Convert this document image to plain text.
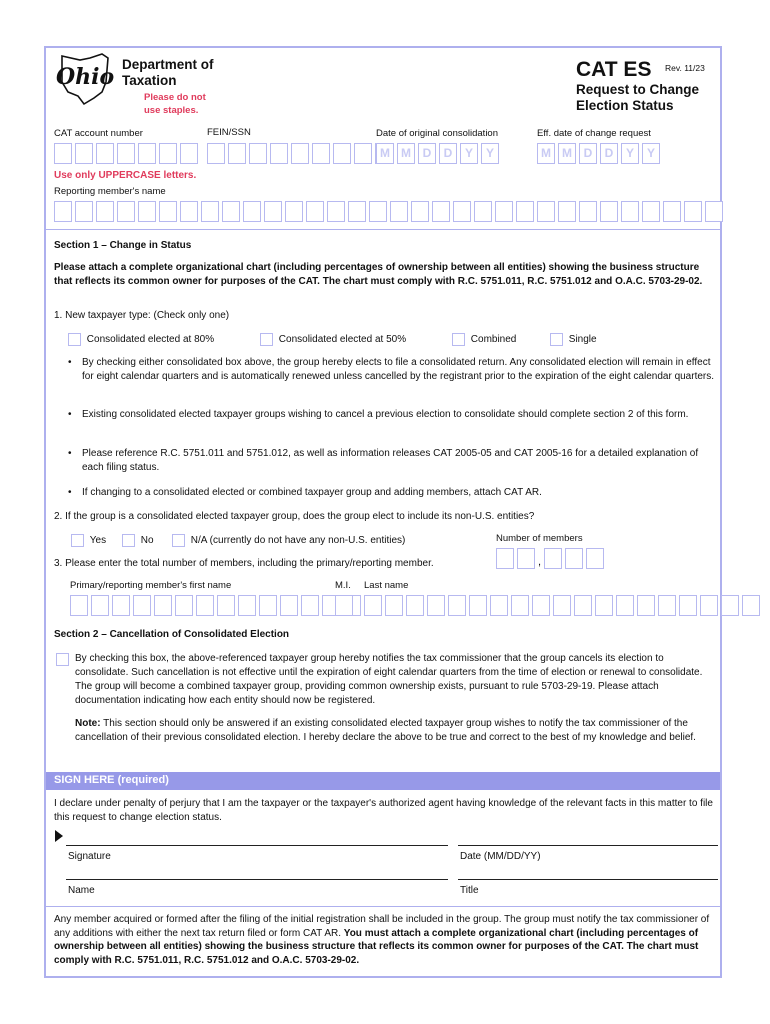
Ohio Department of
Taxation
Please do not
use staples.
CAT ES Rev. 11/23
Request to Change
Election Status
CAT account number	FEIN/SSN	Date of original consolidation	Eff. date of change request
M M D	D	Y	Y	M M D	D	Y	Y
Use only UPPERCASE letters.
Reporting member's name
Section 1 – Change in Status
Please attach a complete organizational chart (including percentages of ownership between all entities) showing the business structure that reflects its common owner for purposes of the CAT. The chart must comply with R.C. 5751.011, R.C. 5751.012 and O.A.C. 5703-29-02.
1. New taxpayer type: (Check only one)
Consolidated elected at 80%	Consolidated elected at 50%	Combined	Single
• By checking either consolidated box above, the group hereby elects to file a consolidated return. Any consolidated election will remain in effect for eight calendar quarters and is automatically renewed unless cancelled by the registrant prior to the expiration of the eight calendar quarters.
• Existing consolidated elected taxpayer groups wishing to cancel a previous election to consolidate should complete section 2 of this form.
• Please reference R.C. 5751.011 and 5751.012, as well as information releases CAT 2005-05 and CAT 2005-16 for a detailed explanation of each filing status.
• If changing to a consolidated elected or combined taxpayer group and adding members, attach CAT AR.
2. If the group is a consolidated elected taxpayer group, does the group elect to include its non-U.S. entities?
Yes	No	N/A (currently do not have any non-U.S. entities)	Number of members
,
3. Please enter the total number of members, including the primary/reporting member.
Primary/reporting member's first name	M.I. Last name
Section 2 – Cancellation of Consolidated Election
By checking this box, the above-referenced taxpayer group hereby notifies the tax commissioner that the group cancels its election to consolidate. Such cancellation is not effective until the expiration of eight calendar quarters from the time of election or renewal to consolidate. The group will become a combined taxpayer group, providing common ownership exists, pursuant to rule 5703-29-19. Please attach documentation indicating how each entity should now be registered.
Note: This section should only be answered if an existing consolidated elected taxpayer group wishes to notify the tax commissioner of the cancellation of their previous consolidated election. I hereby declare the above to be true and correct to the best of my knowledge and belief.
SIGN HERE (required)
I declare under penalty of perjury that I am the taxpayer or the taxpayer's authorized agent having knowledge of the relevant facts in this matter to file this request to change election status.
Signature	Date (MM/DD/YY)
Name	Title
Any member acquired or formed after the filing of the initial registration shall be included in the group. The group must notify the tax commissioner of any additions with either the next tax return filed or form CAT AR. You must attach a complete organizational chart (including percentages of ownership between all entities) showing the business structure that reflects its common owner for purposes of the CAT. The chart must comply with R.C. 5751.011, R.C. 5751.012 and O.A.C. 5703-29-02.
